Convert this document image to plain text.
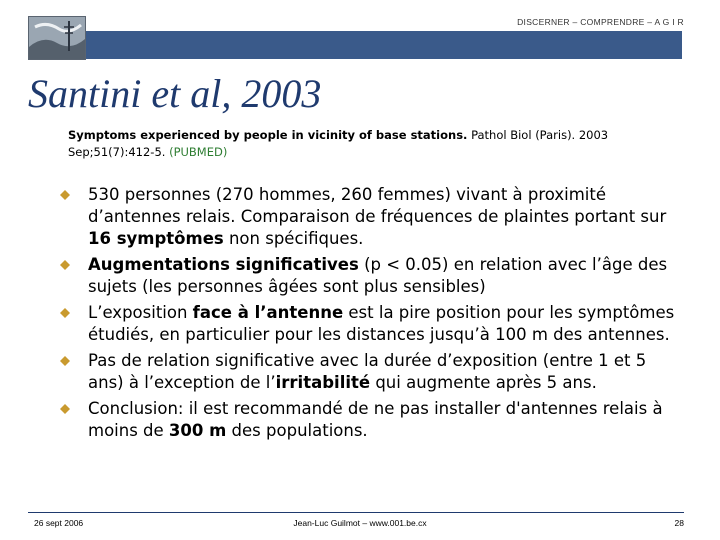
DISCERNER – COMPRENDRE – A G I R
Santini et al, 2003
Symptoms experienced by people in vicinity of base stations. Pathol Biol (Paris). 2003 Sep;51(7):412-5. (PUBMED)
530 personnes (270 hommes, 260 femmes) vivant à proximité d’antennes relais. Comparaison de fréquences de plaintes portant sur 16 symptômes non spécifiques.
Augmentations significatives (p < 0.05) en relation avec l’âge des sujets (les personnes âgées sont plus sensibles)
L’exposition face à l’antenne est la pire position pour les symptômes étudiés, en particulier pour les distances jusqu’à 100 m des antennes.
Pas de relation significative avec la durée d’exposition (entre 1 et 5 ans) à l’exception de l’irritabilité qui augmente après 5 ans.
Conclusion: il est recommandé de ne pas installer d'antennes relais à moins de 300 m des populations.
26 sept 2006	Jean-Luc Guilmot – www.001.be.cx	28
